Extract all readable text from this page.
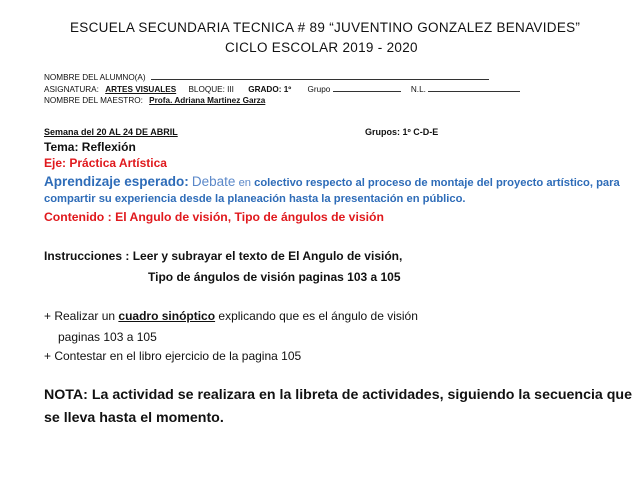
ESCUELA SECUNDARIA TECNICA # 89 “JUVENTINO GONZALEZ BENAVIDES”
CICLO ESCOLAR 2019 - 2020
NOMBRE DEL ALUMNO(A)
ASIGNATURA: ARTES VISUALES BLOQUE: III GRADO: 1º Grupo	N.L.
NOMBRE DEL MAESTRO: Profa. Adriana Martinez Garza
Semana del 20 AL 24 DE ABRIL	Grupos: 1º C-D-E
Tema: Reflexión
Eje: Práctica Artística
Aprendizaje esperado: Debate en colectivo respecto al proceso de montaje del proyecto artístico, para compartir su experiencia desde la planeación hasta la presentación en público.
Contenido : El Angulo de visión, Tipo de ángulos de visión
Instrucciones : Leer y subrayar el texto de El Angulo de visión,
Tipo de ángulos de visión paginas 103 a 105
+ Realizar un cuadro sinóptico explicando que es el ángulo de visión
paginas 103 a 105
+ Contestar en el libro ejercicio de la pagina 105
NOTA: La actividad se realizara en la libreta de actividades, siguiendo la secuencia que se lleva hasta el momento.
